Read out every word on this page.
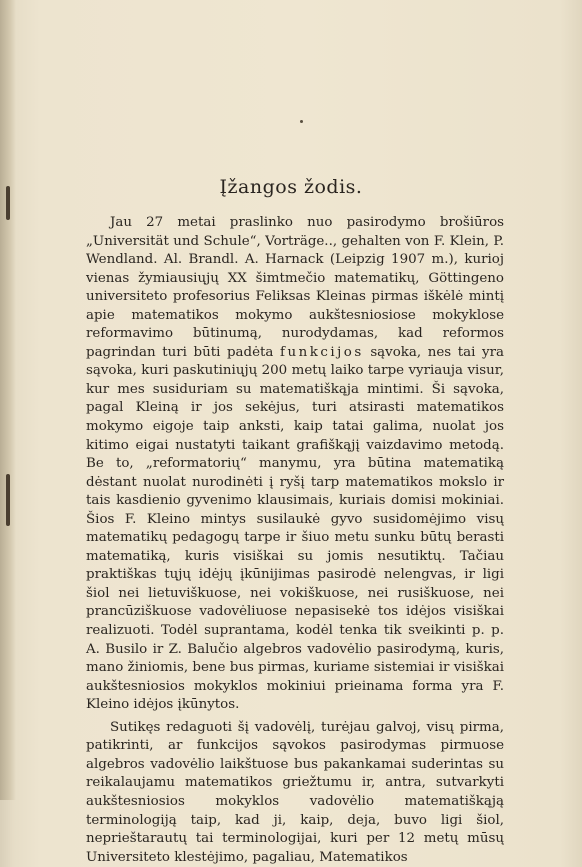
Įžangos žodis.

Jau 27 metai praslinko nuo pasirodymo brošiūros „Universität und Schule“, Vorträge.., gehalten von F. Klein, P. Wendland. Al. Brandl. A. Harnack (Leipzig 1907 m.), kurioj vienas žymiausiųjų XX šimtmečio matematikų, Göttingeno universiteto profesorius Feliksas Kleinas pirmas iškėlė mintį apie matematikos mokymo aukštesniosiose mokyklose reformavimo būtinumą, nurodydamas, kad reformos pagrindan turi būti padėta funkcijos sąvoka, nes tai yra sąvoka, kuri paskutiniųjų 200 metų laiko tarpe vyriauja visur, kur mes susiduriam su matematiškąja mintimi. Ši sąvoka, pagal Kleiną ir jos sekėjus, turi atsirasti matematikos mokymo eigoje taip anksti, kaip tatai galima, nuolat jos kitimo eigai nustatyti taikant grafiškąjį vaizdavimo metodą. Be to, „reformatorių“ manymu, yra būtina matematiką dėstant nuolat nurodinėti į ryšį tarp matematikos mokslo ir tais kasdienio gyvenimo klausimais, kuriais domisi mokiniai. Šios F. Kleino mintys susilaukė gyvo susidomėjimo visų matematikų pedagogų tarpe ir šiuo metu sunku būtų berasti matematiką, kuris visiškai su jomis nesutiktų. Tačiau praktiškas tųjų idėjų įkūnijimas pasirodė nelengvas, ir ligi šiol nei lietuviškuose, nei vokiškuose, nei rusiškuose, nei prancūziškuose vadovėliuose nepasisekė tos idėjos visiškai realizuoti. Todėl suprantama, kodėl tenka tik sveikinti p. p. A. Busilo ir Z. Balučio algebros vadovėlio pasirodymą, kuris, mano žiniomis, bene bus pirmas, kuriame sistemiai ir visiškai aukštesniosios mokyklos mokiniui prieinama forma yra F. Kleino idėjos įkūnytos.

Sutikęs redaguoti šį vadovėlį, turėjau galvoj, visų pirma, patikrinti, ar funkcijos sąvokos pasirodymas pirmuose algebros vadovėlio laikštuose bus pakankamai suderintas su reikalaujamu matematikos griežtumu ir, antra, sutvarkyti aukštesniosios mokyklos vadovėlio matematiškąją terminologiją taip, kad ji, kaip, deja, buvo ligi šiol, neprieštarautų tai terminologijai, kuri per 12 metų mūsų Universiteto klestėjimo, pagaliau, Matematikos
